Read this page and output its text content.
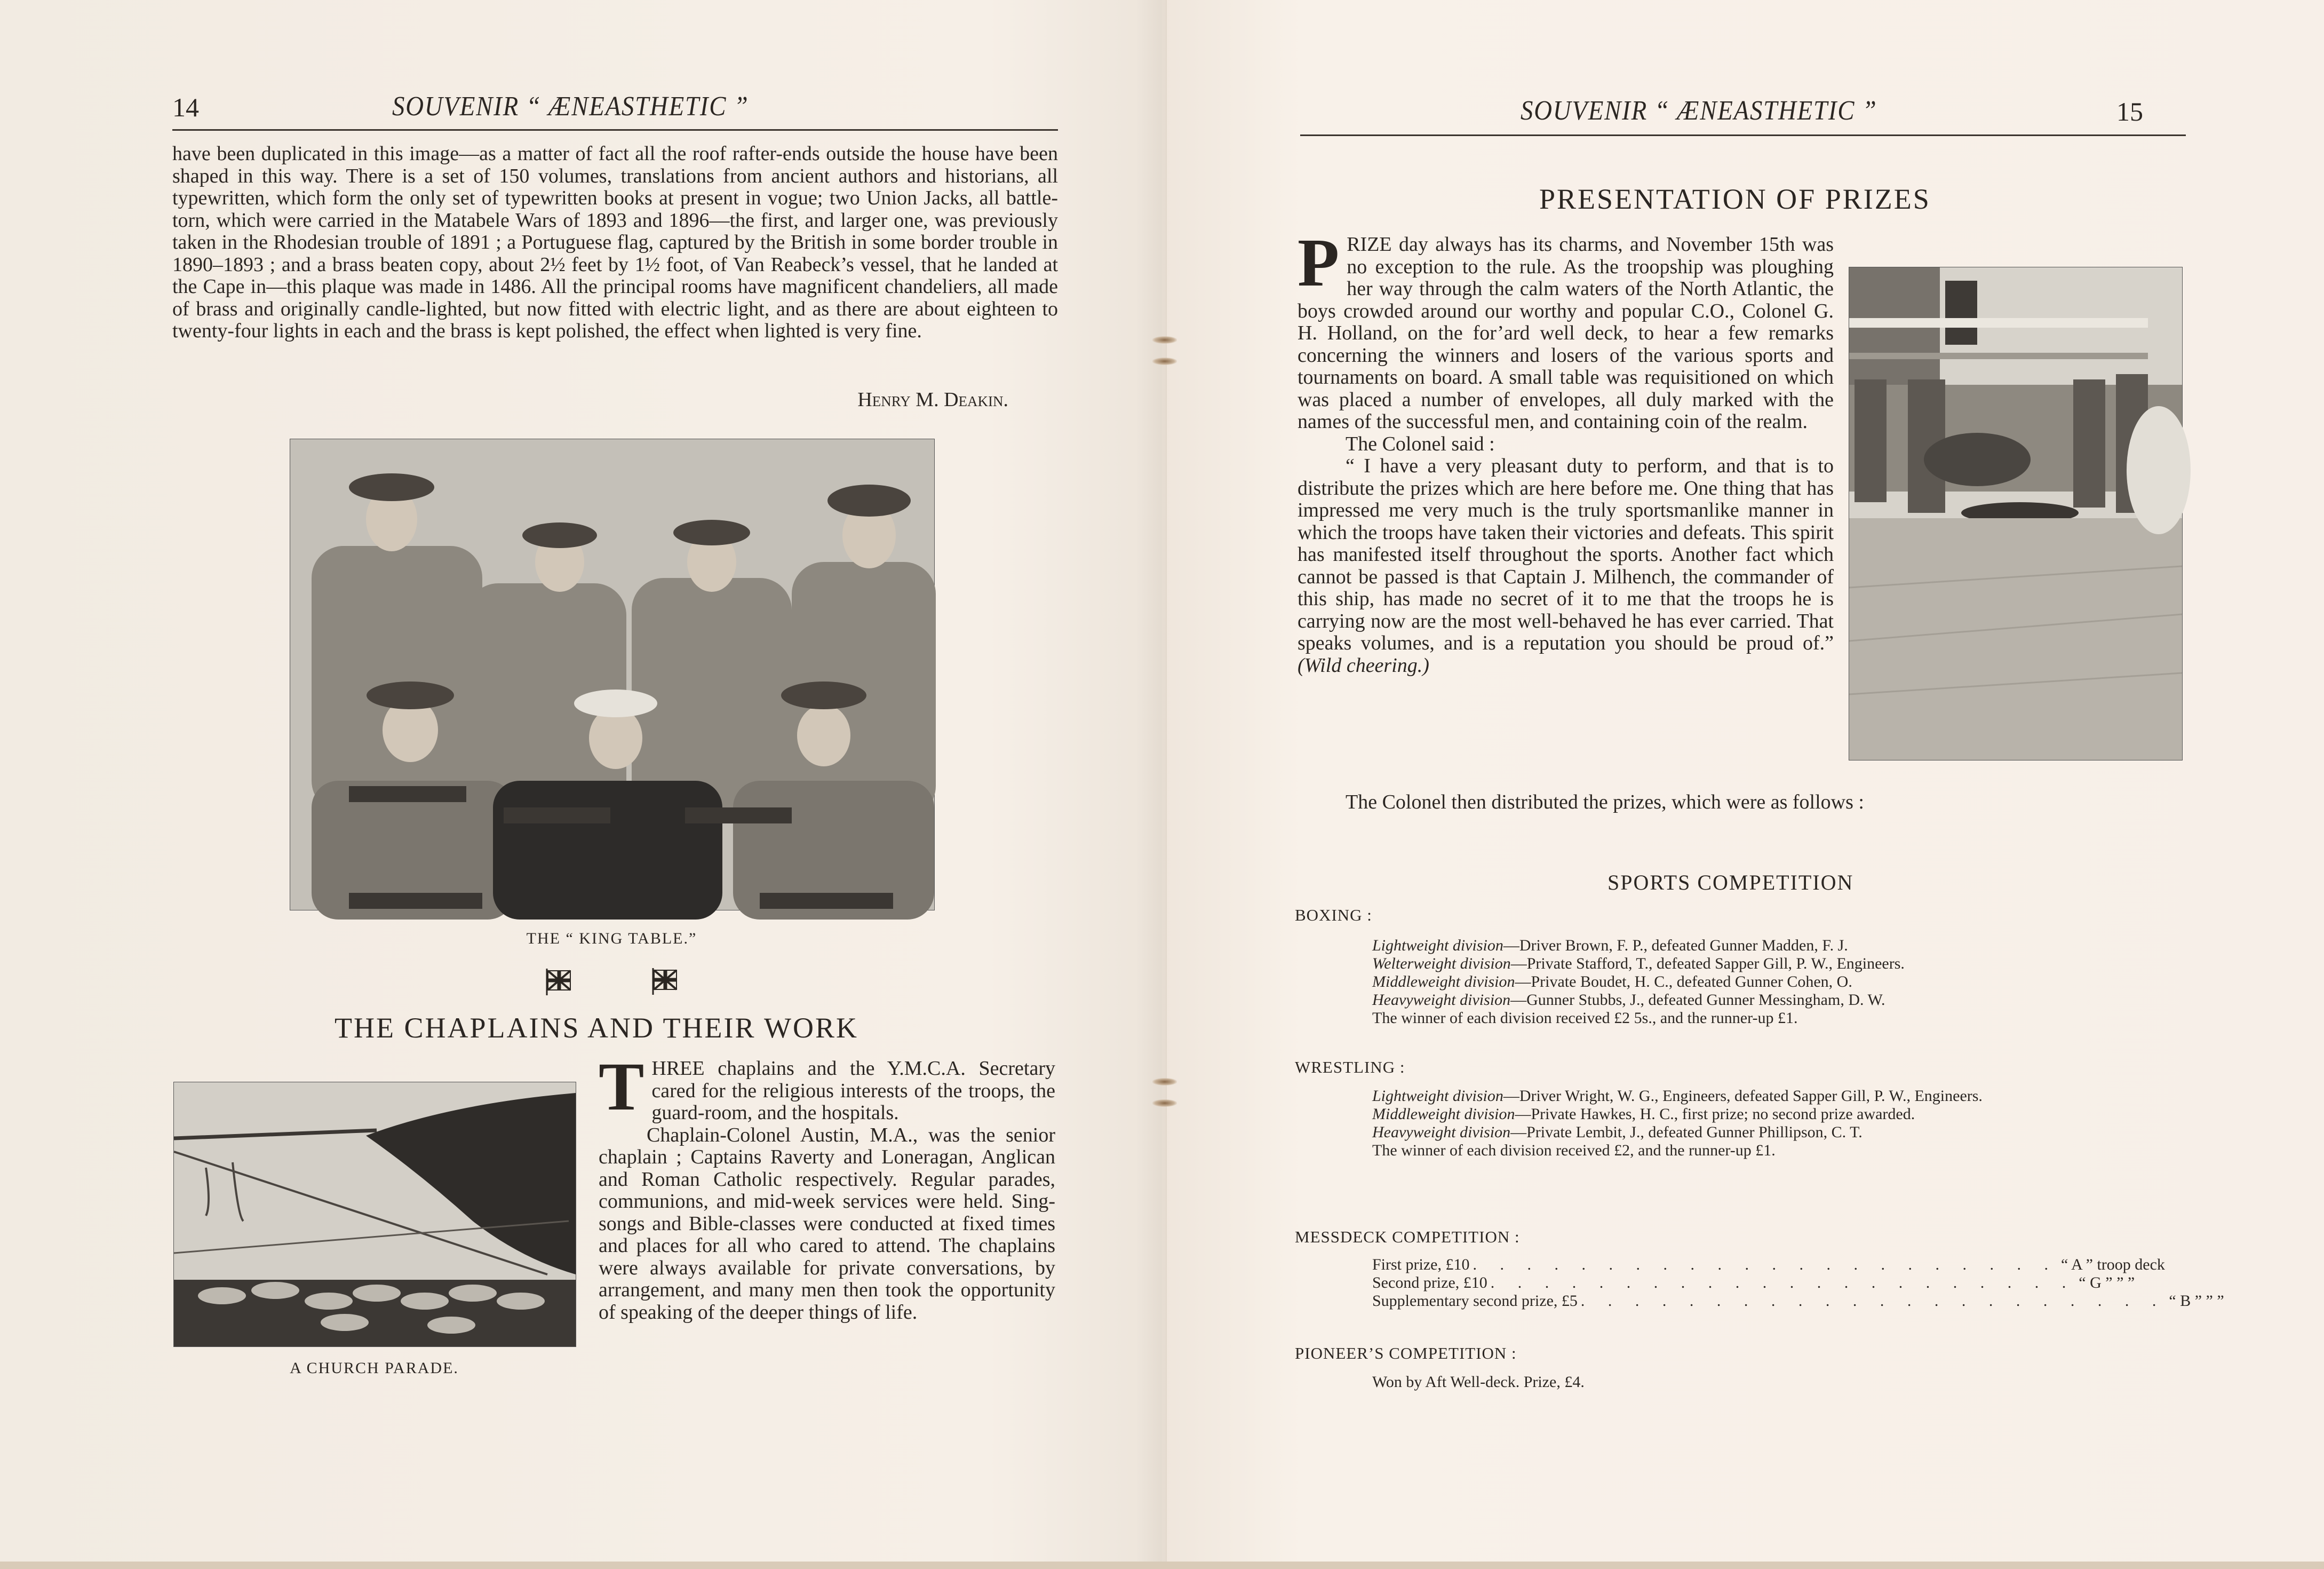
14	SOUVENIR “ ÆNEASTHETIC ”

have been duplicated in this image—as a matter of fact all the roof rafter-ends outside the house have been shaped in this way. There is a set of 150 volumes, translations from ancient authors and historians, all typewritten, which form the only set of typewritten books at present in vogue; two Union Jacks, all battle-torn, which were carried in the Matabele Wars of 1893 and 1896—the first, and larger one, was previously taken in the Rhodesian trouble of 1891 ; a Portuguese flag, captured by the British in some border trouble in 1890–1893 ; and a brass beaten copy, about 2½ feet by 1½ foot, of Van Reabeck’s vessel, that he landed at the Cape in—this plaque was made in 1486. All the principal rooms have magnificent chandeliers, all made of brass and originally candle-lighted, but now fitted with electric light, and as there are about eighteen to twenty-four lights in each and the brass is kept polished, the effect when lighted is very fine.

Henry M. Deakin.
THE “ KING TABLE.”
THE CHAPLAINS AND THEIR WORK
A CHURCH PARADE.

THREE chaplains and the Y.M.C.A. Secretary cared for the religious interests of the troops, the guard-room, and the hospitals.

Chaplain-Colonel Austin, M.A., was the senior chaplain ; Captains Raverty and Loneragan, Anglican and Roman Catholic respectively. Regular parades, communions, and mid-week services were held. Sing-songs and Bible-classes were conducted at fixed times and places for all who cared to attend. The chaplains were always available for private conversations, by arrangement, and many men then took the opportunity of speaking of the deeper things of life.

SOUVENIR “ ÆNEASTHETIC ”	15
PRESENTATION OF PRIZES

PRIZE day always has its charms, and November 15th was no exception to the rule. As the troopship was ploughing her way through the calm waters of the North Atlantic, the boys crowded around our worthy and popular C.O., Colonel G. H. Holland, on the for’ard well deck, to hear a few remarks concerning the winners and losers of the various sports and tournaments on board. A small table was requisitioned on which was placed a number of envelopes, all duly marked with the names of the successful men, and containing coin of the realm.

The Colonel said :

“ I have a very pleasant duty to perform, and that is to distribute the prizes which are here before me. One thing that has impressed me very much is the truly sportsmanlike manner in which the troops have taken their victories and defeats. This spirit has manifested itself throughout the sports. Another fact which cannot be passed is that Captain J. Milhench, the commander of this ship, has made no secret of it to me that the troops he is carrying now are the most well-behaved he has ever carried. That speaks volumes, and is a reputation you should be proud of.” (Wild cheering.)

The Colonel then distributed the prizes, which were as follows :

SPORTS COMPETITION
BOXING :
Lightweight division—Driver Brown, F. P., defeated Gunner Madden, F. J.
Welterweight division—Private Stafford, T., defeated Sapper Gill, P. W., Engineers.
Middleweight division—Private Boudet, H. C., defeated Gunner Cohen, O.
Heavyweight division—Gunner Stubbs, J., defeated Gunner Messingham, D. W.
The winner of each division received £2 5s., and the runner-up £1.
WRESTLING :
Lightweight division—Driver Wright, W. G., Engineers, defeated Sapper Gill, P. W., Engineers.
Middleweight division—Private Hawkes, H. C., first prize; no second prize awarded.
Heavyweight division—Private Lembit, J., defeated Gunner Phillipson, C. T.
The winner of each division received £2, and the runner-up £1.
MESSDECK COMPETITION :
First prize, £10 . . . . . . . . . . . . . . . . . . . . . . “ A ” troop deck
Second prize, £10 . . . . . . . . . . . . . . . . . . . . . . “ G ” ” ”
Supplementary second prize, £5 . . . . . . . . . . . . . . . . . . . . . . “ B ” ” ”
PIONEER’S COMPETITION :
Won by Aft Well-deck. Prize, £4.
